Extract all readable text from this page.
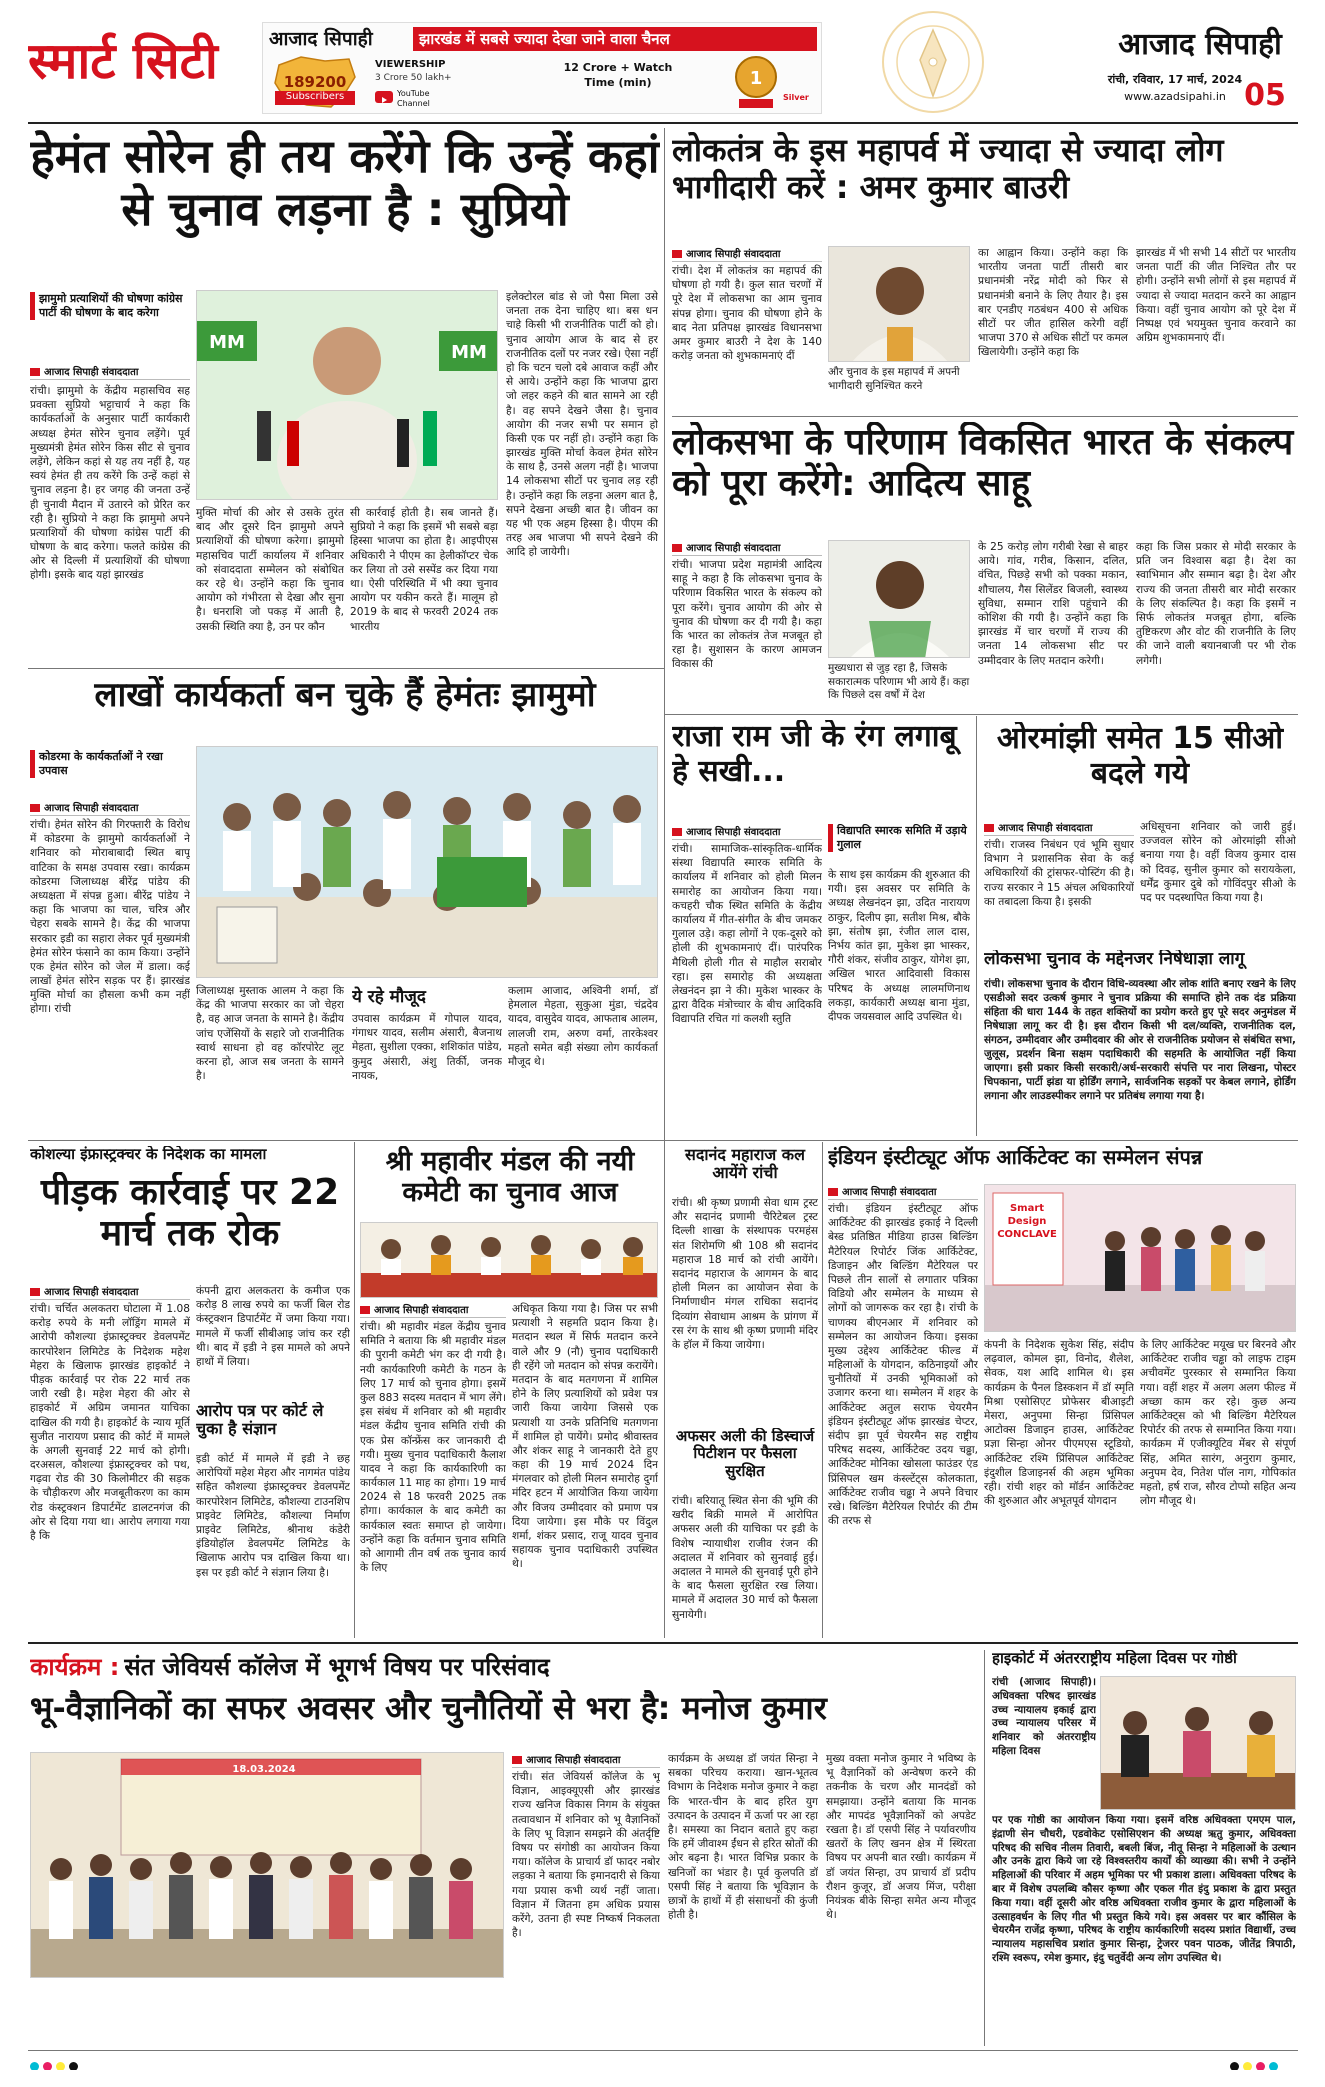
स्मार्ट सिटी	आजाद सिपाही	झारखंड में सबसे ज्यादा देखा जाने वाला चैनल
189200
Subscribers
VIEWERSHIP
3 Crore 50 lakh+
YouTube Channel
12 Crore + Watch Time (min)	1
Silver
आजाद सिपाही
रांची, रविवार, 17 मार्च, 2024
www.azadsipahi.in 05
हेमंत सोरेन ही तय करेंगे कि उन्हें कहां से चुनाव लड़ना है : सुप्रियो
झामुमो प्रत्याशियों की घोषणा कांग्रेस पार्टी की घोषणा के बाद करेगा
आजाद सिपाही संवाददाता
रांची। झामुमो के केंद्रीय महासचिव सह प्रवक्ता सुप्रियो भट्टाचार्य ने कहा कि कार्यकर्ताओं के अनुसार पार्टी कार्यकारी अध्यक्ष हेमंत सोरेन चुनाव लड़ेंगे। पूर्व मुख्यमंत्री हेमंत सोरेन किस सीट से चुनाव लड़ेंगे, लेकिन कहां से यह तय नहीं है, यह स्वयं हेमंत ही तय करेंगे कि उन्हें कहां से चुनाव लड़ना है। हर जगह की जनता उन्हें ही चुनावी मैदान में उतारने को प्रेरित कर रही है। सुप्रियो ने कहा कि झामुमो अपने प्रत्याशियों की घोषणा कांग्रेस पार्टी की घोषणा के बाद करेगा। फलते कांग्रेस की ओर से दिल्ली में प्रत्याशियों की घोषणा होगी। इसके बाद यहां झारखंड
MM	MM
मुक्ति मोर्चा की ओर से उसके तुरंत बाद और दूसरे दिन झामुमो अपने प्रत्याशियों की घोषणा करेगा। झामुमो महासचिव पार्टी कार्यालय में शनिवार को संवाददाता सम्मेलन को संबोधित कर रहे थे। उन्होंने कहा कि चुनाव आयोग को गंभीरता से देखा और सुना है। धनराशि जो पकड़ में आती है, उसकी स्थिति क्या है, उन पर कौन
सी कार्रवाई होती है। सब जानते हैं। सुप्रियो ने कहा कि इसमें भी सबसे बड़ा हिस्सा भाजपा का होता है। आइपीएस अधिकारी ने पीएम का हेलीकॉप्टर चेक कर लिया तो उसे सस्पेंड कर दिया गया था। ऐसी परिस्थिति में भी क्या चुनाव आयोग पर यकीन करते हैं। मालूम हो 2019 के बाद से फरवरी 2024 तक भारतीय
इलेक्टोरल बांड से जो पैसा मिला उसे जनता तक देना चाहिए था। बस धन चाहे किसी भी राजनीतिक पार्टी को हो। चुनाव आयोग आज के बाद से हर राजनीतिक दलों पर नजर रखे। ऐसा नहीं हो कि चटन चलो दबे आवाज कहीं और से आये। उन्होंने कहा कि भाजपा द्वारा जो लहर कहने की बात सामने आ रही है। वह सपने देखने जैसा है। चुनाव आयोग की नजर सभी पर समान हो किसी एक पर नहीं हो। उन्होंने कहा कि झारखंड मुक्ति मोर्चा केवल हेमंत सोरेन के साथ है, उनसे अलग नहीं है। भाजपा 14 लोकसभा सीटों पर चुनाव लड़ रही है। उन्होंने कहा कि लड़ना अलग बात है, सपने देखना अच्छी बात है। जीवन का यह भी एक अहम हिस्सा है। पीएम की तरह अब भाजपा भी सपने देखने की आदि हो जायेगी।
लोकतंत्र के इस महापर्व में ज्यादा से ज्यादा लोग भागीदारी करें : अमर कुमार बाउरी
आजाद सिपाही संवाददाता
रांची। देश में लोकतंत्र का महापर्व की घोषणा हो गयी है। कुल सात चरणों में पूरे देश में लोकसभा का आम चुनाव संपन्न होगा। चुनाव की घोषणा होने के बाद नेता प्रतिपक्ष झारखंड विधानसभा अमर कुमार बाउरी ने देश के 140 करोड़ जनता को शुभकामनाएं दीं
और चुनाव के इस महापर्व में अपनी भागीदारी सुनिश्चित करने
का आह्वान किया। उन्होंने कहा कि भारतीय जनता पार्टी तीसरी बार प्रधानमंत्री नरेंद्र मोदी को फिर से प्रधानमंत्री बनाने के लिए तैयार है। इस बार एनडीए गठबंधन 400 से अधिक सीटों पर जीत हासिल करेगी वहीं भाजपा 370 से अधिक सीटों पर कमल खिलायेगी। उन्होंने कहा कि
झारखंड में भी सभी 14 सीटों पर भारतीय जनता पार्टी की जीत निश्चित तौर पर होगी। उन्होंने सभी लोगों से इस महापर्व में ज्यादा से ज्यादा मतदान करने का आह्वान किया। वहीं चुनाव आयोग को पूरे देश में निष्पक्ष एवं भयमुक्त चुनाव करवाने का अग्रिम शुभकामनाएं दीं।
लोकसभा के परिणाम विकसित भारत के संकल्प को पूरा करेंगे: आदित्य साहू
आजाद सिपाही संवाददाता
रांची। भाजपा प्रदेश महामंत्री आदित्य साहू ने कहा है कि लोकसभा चुनाव के परिणाम विकसित भारत के संकल्प को पूरा करेंगे। चुनाव आयोग की ओर से चुनाव की घोषणा कर दी गयी है। कहा कि भारत का लोकतंत्र तेज मजबूत हो रहा है। सुशासन के कारण आमजन विकास की	मुख्यधारा से जुड़ रहा है, जिसके सकारात्मक परिणाम भी आये हैं। कहा कि पिछले दस वर्षों में देश
के 25 करोड़ लोग गरीबी रेखा से बाहर आये। गांव, गरीब, किसान, दलित, वंचित, पिछड़े सभी को पक्का मकान, शौचालय, गैस सिलेंडर बिजली, स्वास्थ्य सुविधा, सम्मान राशि पहुंचाने की कोशिश की गयी है। उन्होंने कहा कि झारखंड में चार चरणों में राज्य की जनता 14 लोकसभा सीट पर उम्मीदवार के लिए मतदान करेगी।
कहा कि जिस प्रकार से मोदी सरकार के प्रति जन विश्वास बढ़ा है। देश का स्वाभिमान और सम्मान बढ़ा है। देश और राज्य की जनता तीसरी बार मोदी सरकार के लिए संकल्पित है। कहा कि इसमें न सिर्फ लोकतंत्र मजबूत होगा, बल्कि तुष्टिकरण और वोट की राजनीति के लिए की जाने वाली बयानबाजी पर भी रोक लगेगी।
लाखों कार्यकर्ता बन चुके हैं हेमंतः झामुमो
कोडरमा के कार्यकर्ताओं ने रखा उपवास
आजाद सिपाही संवाददाता
रांची। हेमंत सोरेन की गिरफ्तारी के विरोध में कोडरमा के झामुमो कार्यकर्ताओं ने शनिवार को मोराबाबादी स्थित बापू वाटिका के समक्ष उपवास रखा। कार्यक्रम कोडरमा जिलाध्यक्ष बीरेंद्र पांडेय की अध्यक्षता में संपन्न हुआ। बीरेंद्र पांडेय ने कहा कि भाजपा का चाल, चरित्र और चेहरा सबके सामने है। केंद्र की भाजपा सरकार इडी का सहारा लेकर पूर्व मुख्यमंत्री हेमंत सोरेन फंसाने का काम किया। उन्होंने एक हेमंत सोरेन को जेल में डाला। कई लाखों हेमंत सोरेन सड़क पर हैं। झारखंड मुक्ति मोर्चा का हौसला कभी कम नहीं होगा। रांची
जिलाध्यक्ष मुस्ताक आलम ने कहा कि केंद्र की भाजपा सरकार का जो चेहरा है, वह आज जनता के सामने है। केंद्रीय जांच एजेंसियों के सहारे जो राजनीतिक स्वार्थ साधना हो वह कॉरपोरेट लूट करना हो, आज सब जनता के सामने है।
ये रहे मौजूद
उपवास कार्यक्रम में गोपाल यादव, गंगाधर यादव, सलीम अंसारी, बैजनाथ मेहता, सुशीला एक्का, शशिकांत पांडेय, कुमुद अंसारी, अंशु तिर्की, जनक नायक,
कलाम आजाद, अश्विनी शर्मा, डॉ हेमलाल मेहता, सुकुआ मुंडा, चंद्रदेव यादव, वासुदेव यादव, आफताब आलम, लालजी राम, अरुण वर्मा, तारकेश्वर महतो समेत बड़ी संख्या लोग कार्यकर्ता मौजूद थे।
राजा राम जी के रंग लगाबू हे सखी...
आजाद सिपाही संवाददाता
रांची। सामाजिक-सांस्कृतिक-धार्मिक संस्था विद्यापति स्मारक समिति के कार्यालय में शनिवार को होली मिलन समारोह का आयोजन किया गया। कचहरी चौक स्थित समिति के केंद्रीय कार्यालय में गीत-संगीत के बीच जमकर गुलाल उड़े। कहा लोगों ने एक-दूसरे को होली की शुभकामनाएं दीं। पारंपरिक मैथिली होली गीत से माहौल सराबोर रहा। इस समारोह की अध्यक्षता लेखनंदन झा ने की। मुकेश भास्कर के द्वारा वैदिक मंत्रोच्चार के बीच आदिकवि विद्यापति रचित गां कलशी स्तुति
विद्यापति स्मारक समिति में उड़ाये गुलाल
के साथ इस कार्यक्रम की शुरुआत की गयी। इस अवसर पर समिति के अध्यक्ष लेखनंदन झा, उदित नारायण ठाकुर, दिलीप झा, सतीश मिश्र, बौके झा, संतोष झा, रंजीत लाल दास, निर्भय कांत झा, मुकेश झा भास्कर, गौरी शंकर, संजीव ठाकुर, योगेश झा, अखिल भारत आदिवासी विकास परिषद के अध्यक्ष लालमणिनाथ लकड़ा, कार्यकारी अध्यक्ष बाना मुंडा, दीपक जयसवाल आदि उपस्थित थे।
ओरमांझी समेत 15 सीओ बदले गये
आजाद सिपाही संवाददाता
रांची। राजस्व निबंधन एवं भूमि सुधार विभाग ने प्रशासनिक सेवा के कई अधिकारियों की ट्रांसफर-पोस्टिंग की है। राज्य सरकार ने 15 अंचल अधिकारियों का तबादला किया है। इसकी
अधिसूचना शनिवार को जारी हुई। उज्जवल सोरेन को ओरमांझी सीओ बनाया गया है। वहीं विजय कुमार दास को दिवढ़, सुनील कुमार को सरायकेला, धर्मेंद्र कुमार दुबे को गोविंदपुर सीओ के पद पर पदस्थापित किया गया है।
लोकसभा चुनाव के मद्देनजर निषेधाज्ञा लागू
रांची। लोकसभा चुनाव के दौरान विधि-व्यवस्था और लोक शांति बनाए रखने के लिए एसडीओ सदर उत्कर्ष कुमार ने चुनाव प्रक्रिया की समाप्ति होने तक दंड प्रक्रिया संहिता की धारा 144 के तहत शक्तियों का प्रयोग करते हुए पूरे सदर अनुमंडल में निषेधाज्ञा लागू कर दी है। इस दौरान किसी भी दल/व्यक्ति, राजनीतिक दल, संगठन, उम्मीदवार और उम्मीदवार की ओर से राजनीतिक प्रयोजन से संबंधित सभा, जुलूस, प्रदर्शन बिना सक्षम पदाधिकारी की सहमति के आयोजित नहीं किया जाएगा। इसी प्रकार किसी सरकारी/अर्ध-सरकारी संपत्ति पर नारा लिखना, पोस्टर चिपकाना, पार्टी झंडा या होर्डिंग लगाने, सार्वजनिक सड़कों पर केबल लगाने, होर्डिंग लगाना और लाउडस्पीकर लगाने पर प्रतिबंध लगाया गया है।
कोशल्या इंफ्रास्ट्रक्चर के निदेशक का मामला
पीड़क कार्रवाई पर 22 मार्च तक रोक
आजाद सिपाही संवाददाता
रांची। चर्चित अलकतरा घोटाला में 1.08 करोड़ रुपये के मनी लॉड्रिंग मामले में आरोपी कौशल्या इंफ्रास्ट्रक्चर डेवलपमेंट कारपोरेशन लिमिटेड के निदेशक महेश मेहरा के खिलाफ झारखंड हाइकोर्ट ने पीड़क कार्रवाई पर रोक 22 मार्च तक जारी रखी है। महेश मेहरा की ओर से हाइकोर्ट में अग्रिम जमानत याचिका दाखिल की गयी है। हाइकोर्ट के न्याय मूर्ति सुजीत नारायण प्रसाद की कोर्ट में मामले के अगली सुनवाई 22 मार्च को होगी। दरअसल, कौशल्या इंफ्रास्ट्रक्चर को पथ, गढ़वा रोड की 30 किलोमीटर की सड़क के चौड़ीकरण और मजबूतीकरण का काम रोड कंस्ट्रक्शन डिपार्टमेंट डालटनगंज की ओर से दिया गया था। आरोप लगाया गया है कि
कंपनी द्वारा अलकतरा के कमीज एक करोड़ 8 लाख रुपये का फर्जी बिल रोड कंस्ट्रक्शन डिपार्टमेंट में जमा किया गया। मामले में फर्जी सीबीआइ जांच कर रही थी। बाद में इडी ने इस मामले को अपने हाथों में लिया।
आरोप पत्र पर कोर्ट ले चुका है संज्ञान
इडी कोर्ट में मामले में इडी ने छह आरोपियों महेश मेहरा और नागमंत पांडेय सहित कौशल्या इंफ्रास्ट्रक्चर डेवलपमेंट कारपोरेशन लिमिटेड, कौशल्या टाउनशिप प्राइवेट लिमिटेड, कौशल्या निर्माण प्राइवेट लिमिटेड, श्रीनाथ कंडेरी इंडियोहॉल डेवलपमेंट लिमिटेड के खिलाफ आरोप पत्र दाखिल किया था। इस पर इडी कोर्ट ने संज्ञान लिया है।
श्री महावीर मंडल की नयी कमेटी का चुनाव आज
आजाद सिपाही संवाददाता
रांची। श्री महावीर मंडल केंद्रीय चुनाव समिति ने बताया कि श्री महावीर मंडल की पुरानी कमेटी भंग कर दी गयी है। नयी कार्यकारिणी कमेटी के गठन के लिए 17 मार्च को चुनाव होगा। इसमें कुल 883 सदस्य मतदान में भाग लेंगे। इस संबंध में शनिवार को श्री महावीर मंडल केंद्रीय चुनाव समिति रांची की एक प्रेस कॉन्फ्रेंस कर जानकारी दी गयी। मुख्य चुनाव पदाधिकारी कैलाश यादव ने कहा कि कार्यकारिणी का कार्यकाल 11 माह का होगा। 19 मार्च 2024 से 18 फरवरी 2025 तक होगा। कार्यकाल के बाद कमेटी का कार्यकाल स्वतः समाप्त हो जायेगा। उन्होंने कहा कि वर्तमान चुनाव समिति को आगामी तीन वर्ष तक चुनाव कार्य के लिए
अधिकृत किया गया है। जिस पर सभी प्रत्याशी ने सहमति प्रदान किया है। मतदान स्थल में सिर्फ मतदान करने वाले और 9 (नौ) चुनाव पदाधिकारी ही रहेंगे जो मतदान को संपन्न करायेंगे। मतदान के बाद मतगणना में शामिल होने के लिए प्रत्याशियों को प्रवेश पत्र जारी किया जायेगा जिससे एक प्रत्याशी या उनके प्रतिनिधि मतगणना में शामिल हो पायेंगे। प्रमोद श्रीवास्तव और शंकर साहू ने जानकारी देते हुए कहा की 19 मार्च 2024 दिन मंगलवार को होली मिलन समारोह दुर्गा मंदिर हटन में आयोजित किया जायेगा और विजय उम्मीदवार को प्रमाण पत्र दिया जायेगा। इस मौके पर विंदुल शर्मा, शंकर प्रसाद, राजू यादव चुनाव सहायक चुनाव पदाधिकारी उपस्थित थे।
सदानंद महाराज कल आयेंगे रांची
रांची। श्री कृष्ण प्रणामी सेवा धाम ट्रस्ट और सदानंद प्रणामी चैरिटेबल ट्रस्ट दिल्ली शाखा के संस्थापक परमहंस संत शिरोमणि श्री 108 श्री सदानंद महाराज 18 मार्च को रांची आयेंगे। सदानंद महाराज के आगमन के बाद होली मिलन का आयोजन सेवा के निर्माणाधीन मंगल राधिका सदानंद दिव्यांग सेवाधाम आश्रम के प्रांगण में रस रंग के साथ श्री कृष्ण प्रणामी मंदिर के हॉल में किया जायेगा।
अफसर अली की डिस्चार्ज पिटीशन पर फैसला सुरक्षित
रांची। बरियातू स्थित सेना की भूमि की खरीद बिक्री मामले में आरोपित अफसर अली की याचिका पर इडी के विशेष न्यायाधीश राजीव रंजन की अदालत में शनिवार को सुनवाई हुई। अदालत ने मामले की सुनवाई पूरी होने के बाद फैसला सुरक्षित रख लिया। मामले में अदालत 30 मार्च को फैसला सुनायेगी।
इंडियन इंस्टीट्यूट ऑफ आर्किटेक्ट का सम्मेलन संपन्न
आजाद सिपाही संवाददाता
रांची। इंडियन इंस्टीट्यूट ऑफ आर्किटेक्ट की झारखंड इकाई ने दिल्ली बेस्ड प्रतिष्ठित मीडिया हाउस बिल्डिंग मैटेरियल रिपोर्टर जिंक आर्किटेक्ट, डिजाइन और बिल्डिंग मैटेरियल पर पिछले तीन सालों से लगातार पत्रिका विडियो और सम्मेलन के माध्यम से लोगों को जागरूक कर रहा है। रांची के चाणक्य बीएनआर में शनिवार को सम्मेलन का आयोजन किया। इसका मुख्य उद्देश्य आर्किटेक्ट फील्ड में महिलाओं के योगदान, कठिनाइयों और चुनौतियों में उनकी भूमिकाओं को उजागर करना था। सम्मेलन में शहर के आर्किटेक्ट अतुल सराफ चेयरमैन इंडियन इंस्टीट्यूट ऑफ झारखंड चेप्टर, संदीप झा पूर्व चेयरमैन सह राष्ट्रीय परिषद सदस्य, आर्किटेक्ट उदय चढ्ढा, आर्किटेक्ट मोनिका खोसला फाउंडर एंड प्रिंसिपल खम कंस्ल्टेंट्स कोलकाता, आर्किटेक्ट राजीव चढ्ढा ने अपने विचार रखे। बिल्डिंग मैटेरियल रिपोर्टर की टीम की तरफ से
Smart Design CONCLAVE
कंपनी के निदेशक सुकेश सिंह, संदीप लढ़वाल, कोमल झा, विनोद, शैलेश, सेवक, यश आदि शामिल थे। इस कार्यक्रम के पैनल डिस्कशन में डॉ स्मृति मिश्रा एसोसिएट प्रोफेसर बीआइटी मेसरा, अनुपमा सिन्हा प्रिंसिपल आटोक्स डिजाइन हाउस, आर्किटेक्ट प्रज्ञा सिन्हा ओनर पीएमएस स्टूडियो, आर्किटेक्ट रश्मि प्रिंसिपल आर्किटेक्ट इंदुशील डिजाइनर्स की अहम भूमिका रही। रांची शहर को मॉर्डन आर्किटेक्ट की शुरुआत और अभूतपूर्व योगदान
के लिए आर्किटेक्ट मयूख घर बिरनवे और आर्किटेक्ट राजीव चड्ढा को लाइफ टाइम अचीवमेंट पुरस्कार से सम्मानित किया गया। वहीं शहर में अलग अलग फील्ड में अच्छा काम कर रहे। कुछ अन्य आर्किटेक्ट्स को भी बिल्डिंग मैटेरियल रिपोर्टर की तरफ से सम्मानित किया गया। कार्यक्रम में एजीक्यूटिव मेंबर से संपूर्ण सिंह, अमित सारंग, अनुराग कुमार, अनुपम देव, नितेश पॉल नाग, गोपिकांत महतो, हर्ष राज, सौरव टोप्पो सहित अन्य लोग मौजूद थे।
कार्यक्रम : संत जेवियर्स कॉलेज में भूगर्भ विषय पर परिसंवाद
भू-वैज्ञानिकों का सफर अवसर और चुनौतियों से भरा है: मनोज कुमार
18.03.2024
आजाद सिपाही संवाददाता
रांची। संत जेवियर्स कॉलेज के भू विज्ञान, आइक्यूएसी और झारखंड राज्य खनिज विकास निगम के संयुक्त तत्वावधान में शनिवार को भू वैज्ञानिकों के लिए भू विज्ञान समझने की अंतर्दृष्टि विषय पर संगोष्ठी का आयोजन किया गया। कॉलेज के प्राचार्य डॉ फादर नबोर लड़का ने बताया कि इमानदारी से किया गया प्रयास कभी व्यर्थ नहीं जाता। विज्ञान में जितना हम अधिक प्रयास करेंगे, उतना ही स्पष्ट निष्कर्ष निकलता है।
कार्यक्रम के अध्यक्ष डॉ जयंत सिन्हा ने सबका परिचय कराया। खान-भूतत्व विभाग के निदेशक मनोज कुमार ने कहा कि भारत-चीन के बाद हरित युग उत्पादन के उत्पादन में ऊर्जा पर आ रहा है। समस्या का निदान बताते हुए कहा कि हमें जीवाश्म ईंधन से हरित स्रोतों की ओर बढ़ना है। भारत विभिन्न प्रकार के खनिजों का भंडार है। पूर्व कुलपति डॉ एसपी सिंह ने बताया कि भूविज्ञान के छात्रों के हाथों में ही संसाधनों की कुंजी होती है।
मुख्य वक्ता मनोज कुमार ने भविष्य के भू वैज्ञानिकों को अन्वेषण करने की तकनीक के चरण और मानदंडों को समझाया। उन्होंने बताया कि मानक और मापदंड भूवैज्ञानिकों को अपडेट रखता है। डॉ एसपी सिंह ने पर्यावरणीय खतरों के लिए खनन क्षेत्र में स्थिरता विषय पर अपनी बात रखी। कार्यक्रम में डॉ जयंत सिन्हा, उप प्राचार्य डॉ प्रदीप रौशन कुजूर, डॉ अजय मिंज, परीक्षा नियंत्रक बीके सिन्हा समेत अन्य मौजूद थे।
हाइकोर्ट में अंतरराष्ट्रीय महिला दिवस पर गोष्ठी
रांची (आजाद सिपाही)। अधिवक्ता परिषद झारखंड उच्च न्यायालय इकाई द्वारा उच्च न्यायालय परिसर में शनिवार को अंतरराष्ट्रीय महिला दिवस
पर एक गोष्ठी का आयोजन किया गया। इसमें वरिष्ठ अधिवक्ता एमएम पाल, इंद्राणी सेन चौधरी, एडवोकेट एसोसिएशन की अध्यक्ष ऋतु कुमार, अधिवक्ता परिषद की सचिव नीलम तिवारी, बबली बिंज, नीतू सिन्हा ने महिलाओं के उत्थान और उनके द्वारा किये जा रहे विश्वस्तरीय कार्यों की व्याख्या की। सभी ने उन्होंने महिलाओं की परिवार में अहम भूमिका पर भी प्रकाश डाला। अधिवक्ता परिषद के बार में विशेष उपलब्धि कौसर कृष्णा और एकल गीत इंदु प्रकाश के द्वारा प्रस्तुत किया गया। वहीं दूसरी ओर वरिष्ठ अधिवक्ता राजीव कुमार के द्वारा महिलाओं के उत्साहवर्धन के लिए गीत भी प्रस्तुत किये गये। इस अवसर पर बार कौंसिल के चेयरमैन राजेंद्र कृष्णा, परिषद के राष्ट्रीय कार्यकारिणी सदस्य प्रशांत विद्यार्थी, उच्च न्यायालय महासचिव प्रशांत कुमार सिन्हा, ट्रेजरर पवन पाठक, जीतेंद्र त्रिपाठी, रश्मि स्वरूप, रमेश कुमार, इंदु चतुर्वेदी अन्य लोग उपस्थित थे।
